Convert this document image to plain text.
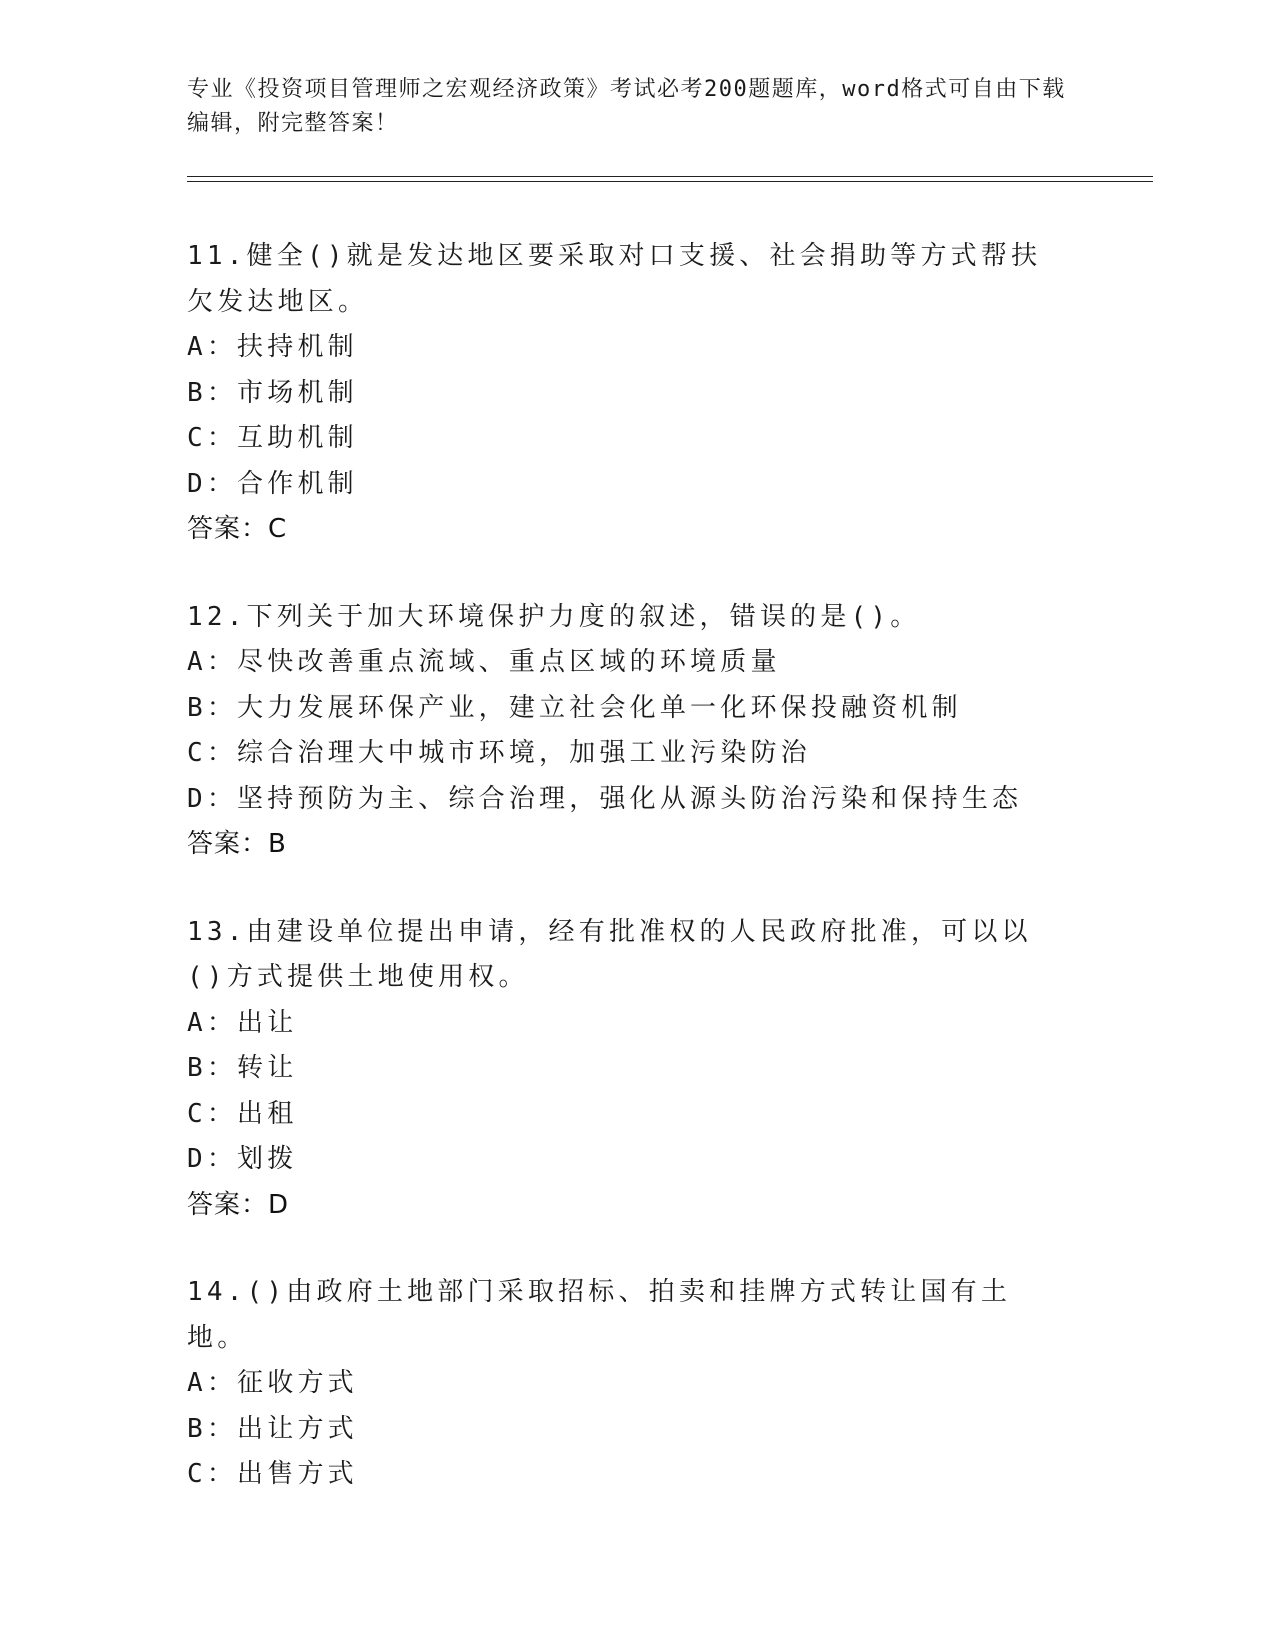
专业《投资项目管理师之宏观经济政策》考试必考200题题库，word格式可自由下载编辑，附完整答案！
11.健全()就是发达地区要采取对口支援、社会捐助等方式帮扶欠发达地区。
A：扶持机制
B：市场机制
C：互助机制
D：合作机制
答案：C
12.下列关于加大环境保护力度的叙述，错误的是()。
A：尽快改善重点流域、重点区域的环境质量
B：大力发展环保产业，建立社会化单一化环保投融资机制
C：综合治理大中城市环境，加强工业污染防治
D：坚持预防为主、综合治理，强化从源头防治污染和保持生态
答案：B
13.由建设单位提出申请，经有批准权的人民政府批准，可以以()方式提供土地使用权。
A：出让
B：转让
C：出租
D：划拨
答案：D
14.()由政府土地部门采取招标、拍卖和挂牌方式转让国有土地。
A：征收方式
B：出让方式
C：出售方式
